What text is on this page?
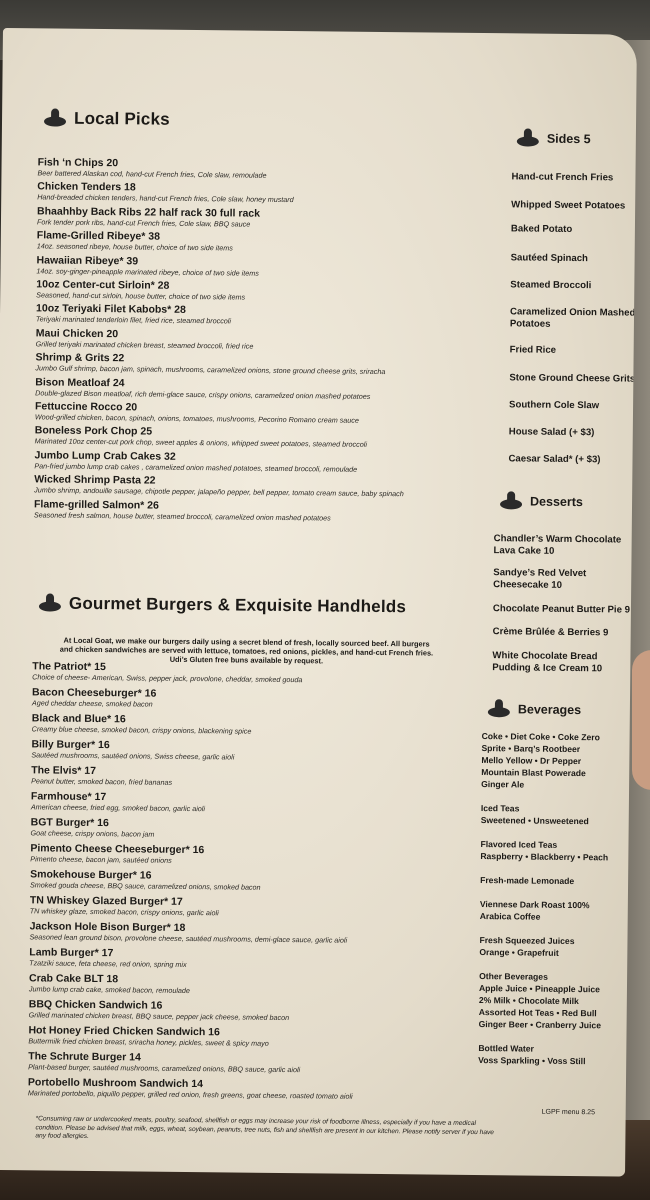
Local Picks
Fish ‘n Chips 20
Beer battered Alaskan cod, hand-cut French fries, Cole slaw, remoulade
Chicken Tenders 18
Hand-breaded chicken tenders, hand-cut French fries, Cole slaw, honey mustard
Bhaahhby Back Ribs 22 half rack 30 full rack
Fork tender pork ribs, hand-cut French fries, Cole slaw, BBQ sauce
Flame-Grilled Ribeye* 38
14oz. seasoned ribeye, house butter, choice of two side items
Hawaiian Ribeye* 39
14oz. soy-ginger-pineapple marinated ribeye, choice of two side items
10oz Center-cut Sirloin* 28
Seasoned, hand-cut sirloin, house butter, choice of two side items
10oz Teriyaki Filet Kabobs* 28
Teriyaki marinated tenderloin filet, fried rice, steamed broccoli
Maui Chicken 20
Grilled teriyaki marinated chicken breast, steamed broccoli, fried rice
Shrimp & Grits 22
Jumbo Gulf shrimp, bacon jam, spinach, mushrooms, caramelized onions, stone ground cheese grits, sriracha
Bison Meatloaf 24
Double-glazed Bison meatloaf, rich demi-glace sauce, crispy onions, caramelized onion mashed potatoes
Fettuccine Rocco 20
Wood-grilled chicken, bacon, spinach, onions, tomatoes, mushrooms, Pecorino Romano cream sauce
Boneless Pork Chop 25
Marinated 10oz center-cut pork chop, sweet apples & onions, whipped sweet potatoes, steamed broccoli
Jumbo Lump Crab Cakes 32
Pan-fried jumbo lump crab cakes , caramelized onion mashed potatoes, steamed broccoli, remoulade
Wicked Shrimp Pasta 22
Jumbo shrimp, andouille sausage, chipotle pepper, jalapeño pepper, bell pepper, tomato cream sauce, baby spinach
Flame-grilled Salmon* 26
Seasoned fresh salmon, house butter, steamed broccoli, caramelized onion mashed potatoes
Gourmet Burgers & Exquisite Handhelds
At Local Goat, we make our burgers daily using a secret blend of fresh, locally sourced beef. All burgers and chicken sandwiches are served with lettuce, tomatoes, red onions, pickles, and hand-cut French fries. Udi’s Gluten free buns available by request.
The Patriot* 15
Choice of cheese- American, Swiss, pepper jack, provolone, cheddar, smoked gouda
Bacon Cheeseburger* 16
Aged cheddar cheese, smoked bacon
Black and Blue* 16
Creamy blue cheese, smoked bacon, crispy onions, blackening spice
Billy Burger* 16
Sautéed mushrooms, sautéed onions, Swiss cheese, garlic aioli
The Elvis* 17
Peanut butter, smoked bacon, fried bananas
Farmhouse* 17
American cheese, fried egg, smoked bacon, garlic aioli
BGT Burger* 16
Goat cheese, crispy onions, bacon jam
Pimento Cheese Cheeseburger* 16
Pimento cheese, bacon jam, sautéed onions
Smokehouse Burger* 16
Smoked gouda cheese, BBQ sauce, caramelized onions, smoked bacon
TN Whiskey Glazed Burger* 17
TN whiskey glaze, smoked bacon, crispy onions, garlic aioli
Jackson Hole Bison Burger* 18
Seasoned lean ground bison, provolone cheese, sautéed mushrooms, demi-glace sauce, garlic aioli
Lamb Burger* 17
Tzatziki sauce, feta cheese, red onion, spring mix
Crab Cake BLT 18
Jumbo lump crab cake, smoked bacon, remoulade
BBQ Chicken Sandwich 16
Grilled marinated chicken breast, BBQ sauce, pepper jack cheese, smoked bacon
Hot Honey Fried Chicken Sandwich 16
Buttermilk fried chicken breast, sriracha honey, pickles, sweet & spicy mayo
The Schrute Burger 14
Plant-based burger, sautéed mushrooms, caramelized onions, BBQ sauce, garlic aioli
Portobello Mushroom Sandwich 14
Marinated portobello, piquillo pepper, grilled red onion, fresh greens, goat cheese, roasted tomato aioli
Sides 5
Hand-cut French Fries
Whipped Sweet Potatoes
Baked Potato
Sautéed Spinach
Steamed Broccoli
Caramelized Onion Mashed
Potatoes
Fried Rice
Stone Ground Cheese Grits
Southern Cole Slaw
House Salad (+ $3)
Caesar Salad* (+ $3)
Desserts
Chandler’s Warm Chocolate
Lava Cake 10
Sandye’s Red Velvet
Cheesecake 10
Chocolate Peanut Butter Pie 9
Crème Brûlée & Berries 9
White Chocolate Bread
Pudding & Ice Cream 10
Beverages
Coke • Diet Coke • Coke Zero
Sprite • Barq’s Rootbeer
Mello Yellow • Dr Pepper
Mountain Blast Powerade
Ginger Ale
Iced Teas
Sweetened • Unsweetened
Flavored Iced Teas
Raspberry • Blackberry • Peach
Fresh-made Lemonade
Viennese Dark Roast 100%
Arabica Coffee
Fresh Squeezed Juices
Orange • Grapefruit
Other Beverages
Apple Juice • Pineapple Juice
2% Milk • Chocolate Milk
Assorted Hot Teas • Red Bull
Ginger Beer • Cranberry Juice
Bottled Water
Voss Sparkling • Voss Still
LGPF menu 8.25
*Consuming raw or undercooked meats, poultry, seafood, shellfish or eggs may increase your risk of foodborne illness, especially if you have a medical condition. Please be advised that milk, eggs, wheat, soybean, peanuts, tree nuts, fish and shellfish are present in our kitchen. Please notify server if you have any food allergies.
